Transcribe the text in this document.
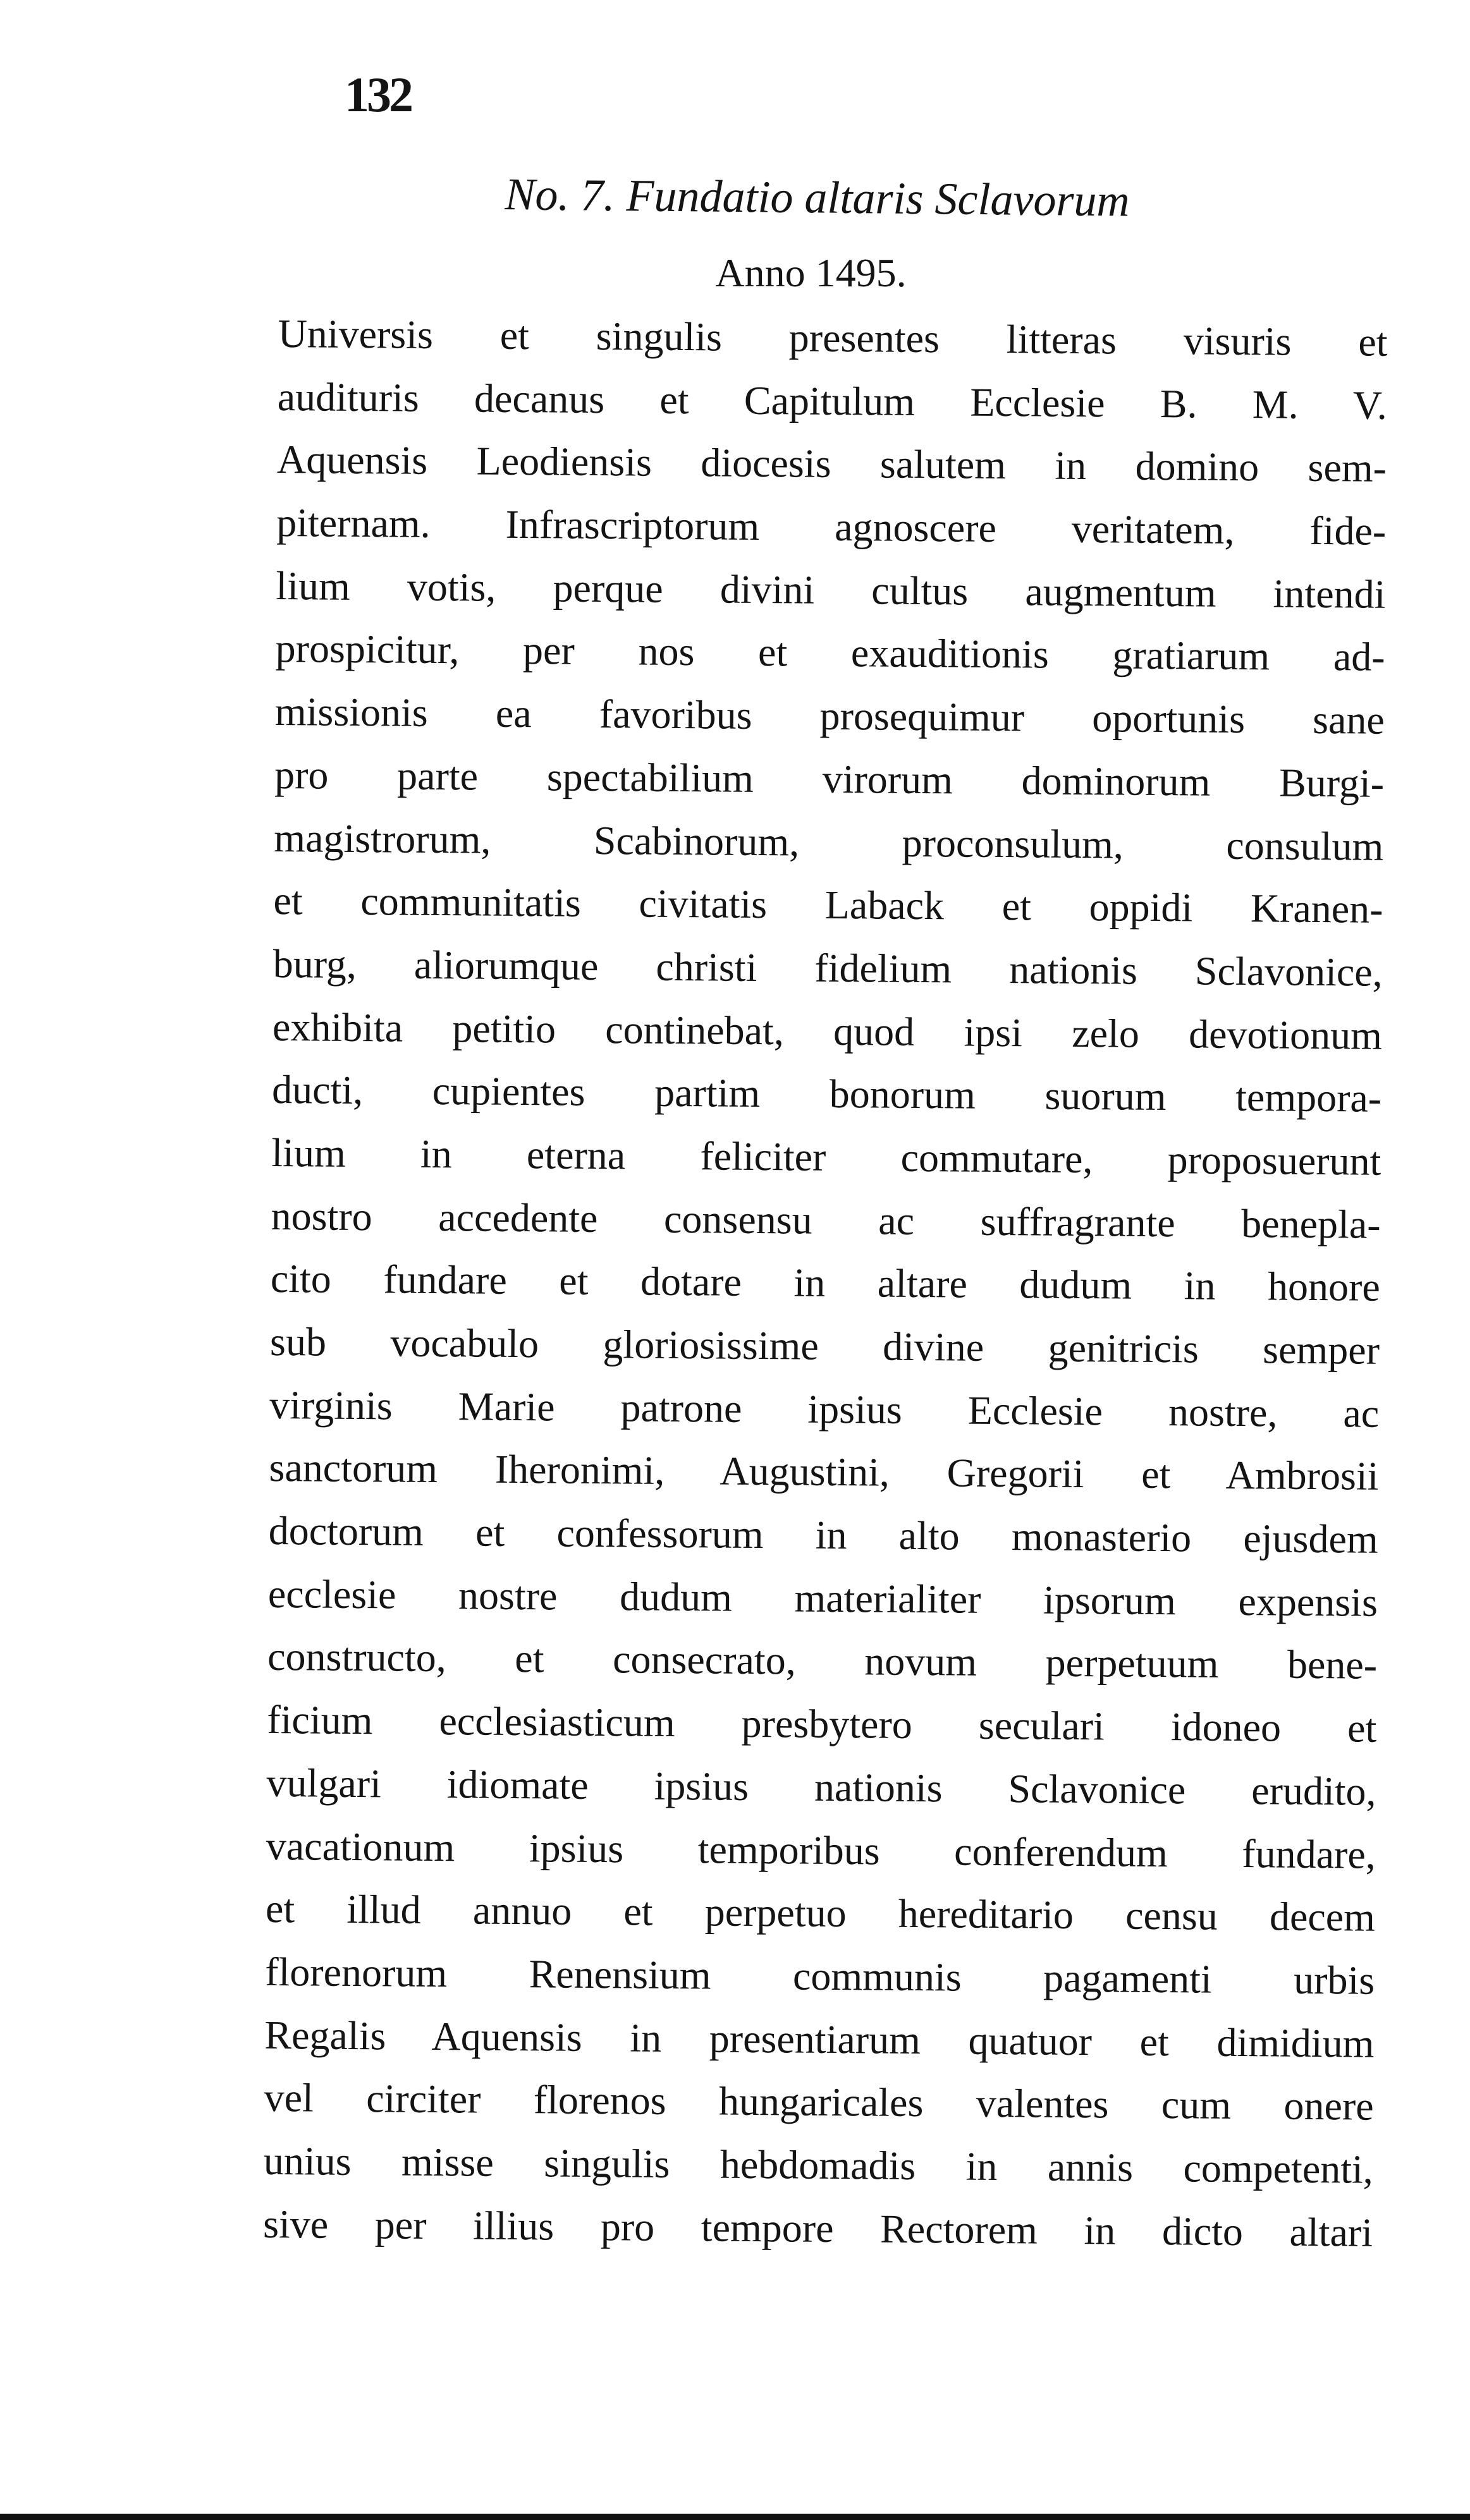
132
No. 7. Fundatio altaris Sclavorum
Anno 1495.
Universis et singulis presentes litteras visuris et
audituris decanus et Capitulum Ecclesie B. M. V.
Aquensis Leodiensis diocesis salutem in domino sem-
piternam. Infrascriptorum agnoscere veritatem, fide-
lium votis, perque divini cultus augmentum intendi
prospicitur, per nos et exauditionis gratiarum ad-
missionis ea favoribus prosequimur oportunis sane
pro parte spectabilium virorum dominorum Burgi-
magistrorum, Scabinorum, proconsulum, consulum
et communitatis civitatis Laback et oppidi Kranen-
burg, aliorumque christi fidelium nationis Sclavonice,
exhibita petitio continebat, quod ipsi zelo devotionum
ducti, cupientes partim bonorum suorum tempora-
lium in eterna feliciter commutare, proposuerunt
nostro accedente consensu ac suffragrante benepla-
cito fundare et dotare in altare dudum in honore
sub vocabulo gloriosissime divine genitricis semper
virginis Marie patrone ipsius Ecclesie nostre, ac
sanctorum Iheronimi, Augustini, Gregorii et Ambrosii
doctorum et confessorum in alto monasterio ejusdem
ecclesie nostre dudum materialiter ipsorum expensis
constructo, et consecrato, novum perpetuum bene-
ficium ecclesiasticum presbytero seculari idoneo et
vulgari idiomate ipsius nationis Sclavonice erudito,
vacationum ipsius temporibus conferendum fundare,
et illud annuo et perpetuo hereditario censu decem
florenorum Renensium communis pagamenti urbis
Regalis Aquensis in presentiarum quatuor et dimidium
vel circiter florenos hungaricales valentes cum onere
unius misse singulis hebdomadis in annis competenti,
sive per illius pro tempore Rectorem in dicto altari
